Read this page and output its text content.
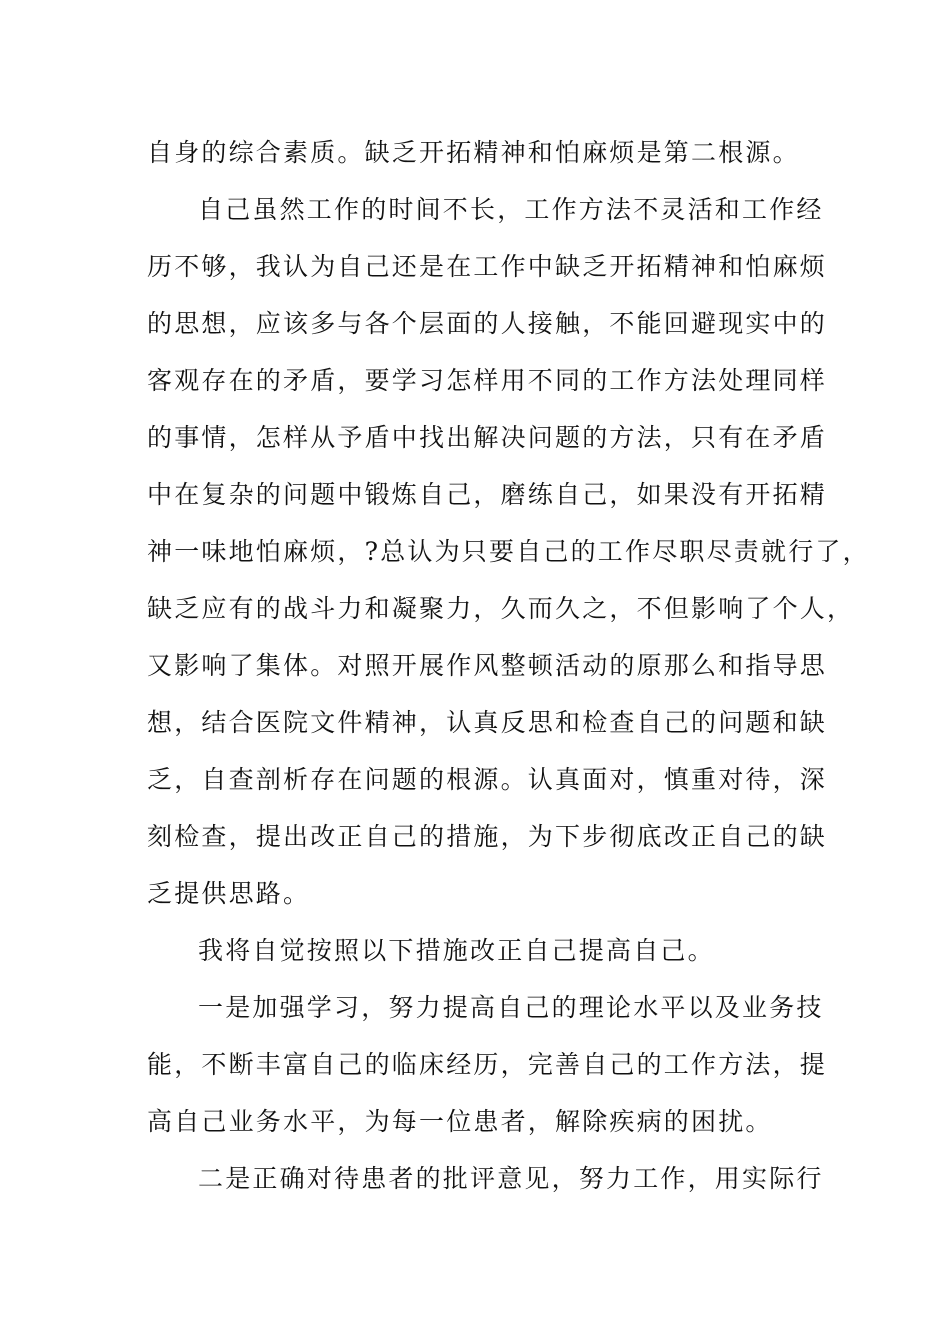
自身的综合素质。缺乏开拓精神和怕麻烦是第二根源。
自己虽然工作的时间不长，工作方法不灵活和工作经
历不够，我认为自己还是在工作中缺乏开拓精神和怕麻烦
的思想，应该多与各个层面的人接触，不能回避现实中的
客观存在的矛盾，要学习怎样用不同的工作方法处理同样
的事情，怎样从予盾中找出解决问题的方法，只有在矛盾
中在复杂的问题中锻炼自己，磨练自己，如果没有开拓精
神一味地怕麻烦，?总认为只要自己的工作尽职尽责就行了，
缺乏应有的战斗力和凝聚力，久而久之，不但影响了个人，
又影响了集体。对照开展作风整顿活动的原那么和指导思
想，结合医院文件精神，认真反思和检查自己的问题和缺
乏，自查剖析存在问题的根源。认真面对，慎重对待，深
刻检查，提出改正自己的措施，为下步彻底改正自己的缺
乏提供思路。
我将自觉按照以下措施改正自己提高自己。
一是加强学习，努力提高自己的理论水平以及业务技
能，不断丰富自己的临床经历，完善自己的工作方法，提
高自己业务水平，为每一位患者，解除疾病的困扰。
二是正确对待患者的批评意见，努力工作，用实际行
